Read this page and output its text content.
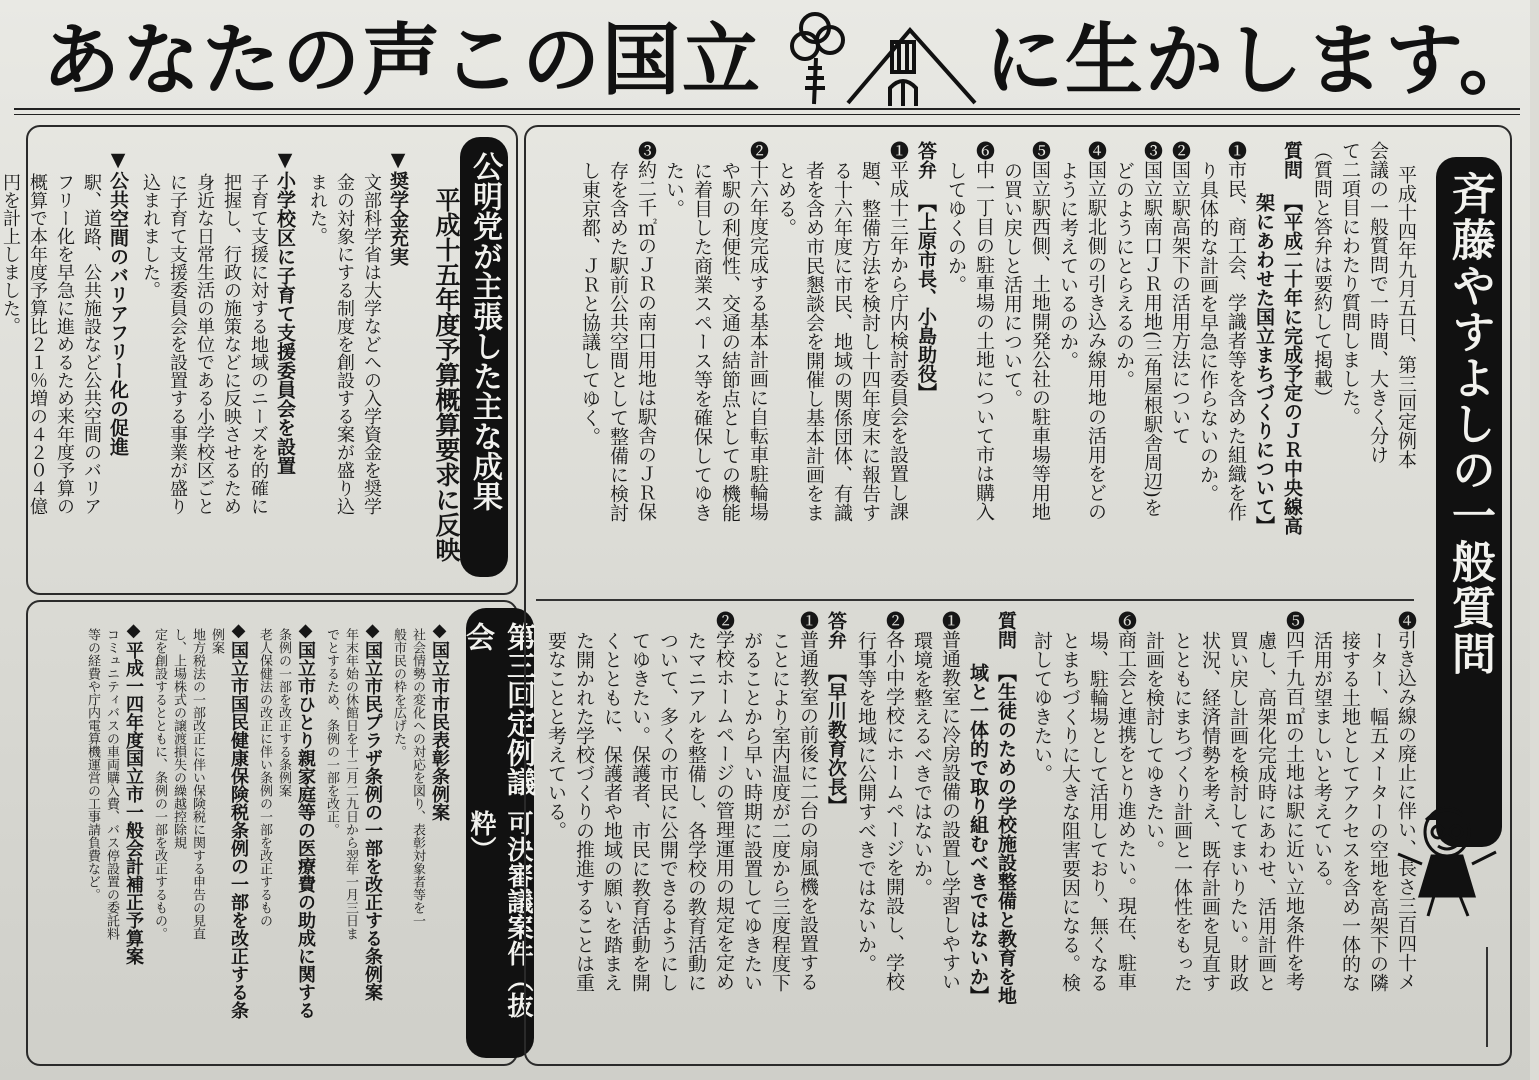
あなたの声この国立	に生かします。
公明党が主張した主な成果
平成十五年度予算概算要求に反映
▼奨学金充実
文部科学省は大学などへの入学資金を奨学
金の対象にする制度を創設する案が盛り込
まれた。
▼小学校区に子育て支援委員会を設置
子育て支援に対する地域のニーズを的確に
把握し、行政の施策などに反映させるため
身近な日常生活の単位である小学校区ごと
に子育て支援委員会を設置する事業が盛り
込まれました。
▼公共空間のバリアフリー化の促進
駅、道路、公共施設など公共空間のバリア
フリー化を早急に進めるため来年度予算の
概算で本年度予算比２１％増の４２０４億
円を計上しました。
第三回定例議会
可決審議案件（抜粋）
◆国立市市民表彰条例案
社会情勢の変化への対応を図り、表彰対象者等を一
般市民の枠を広げた。
◆国立市民プラザ条例の一部を改正する条例案
年末年始の休館日を十二月二九日から翌年一月三日ま
でとするため、条例の一部を改正。
◆国立市ひとり親家庭等の医療費の助成に関する
条例の一部を改正する条例案
老人保健法の改正に伴い条例の一部を改正するもの
◆国立市国民健康保険税条例の一部を改正する条
例案
地方税法の一部改正に伴い保険税に関する申告の見直
し、上場株式の譲渡損失の繰越控除規
定を創設するとともに、条例の一部を改正するもの。
◆平成一四年度国立市一般会計補正予算案
コミュニティバスの車両購入費、バス停設置の委託料
等の経費や庁内電算機運営の工事請負費など。
斉藤やすよしの一般質問
平成十四年九月五日、第三回定例本
会議の一般質問で一時間、大きく分け
て二項目にわたり質問しました。
（質問と答弁は要約して掲載）
質問
【平成二十年に完成予定のＪＲ中央線高
架にあわせた国立まちづくりについて】
❶市民、商工会、学識者等を含めた組織を作
り具体的な計画を早急に作らないのか。
❷国立駅高架下の活用方法について
❸国立駅南口ＪＲ用地(三角屋根駅舎周辺)を
どのようにとらえるのか。
❹国立駅北側の引き込み線用地の活用をどの
ように考えているのか。
❺国立駅西側、土地開発公社の駐車場等用地
の買い戻しと活用について。
❻中一丁目の駐車場の土地について市は購入
してゆくのか。
答弁
【上原市長、小島助役】
❶平成十三年から庁内検討委員会を設置し課
題、整備方法を検討し十四年度末に報告す
る十六年度に市民、地域の関係団体、有識
者を含め市民懇談会を開催し基本計画をま
とめる。
❷十六年度完成する基本計画に自転車駐輪場
や駅の利便性、交通の結節点としての機能
に着目した商業スペース等を確保してゆき
たい。
❸約二千㎡のＪＲの南口用地は駅舎のＪＲ保
存を含めた駅前公共空間として整備に検討
し東京都、ＪＲと協議してゆく。
❹引き込み線の廃止に伴い、長さ三百四十メ
ーター、幅五メーターの空地を高架下の隣
接する土地としてアクセスを含め一体的な
活用が望ましいと考えている。
❺四千九百㎡の土地は駅に近い立地条件を考
慮し、高架化完成時にあわせ、活用計画と
買い戻し計画を検討してまいりたい。財政
状況、経済情勢を考え、既存計画を見直す
とともにまちづくり計画と一体性をもった
計画を検討してゆきたい。
❻商工会と連携をとり進めたい。現在、駐車
場、駐輪場として活用しており、無くなる
とまちづくりに大きな阻害要因になる。検
討してゆきたい。
質問
【生徒のための学校施設整備と教育を地
域と一体的で取り組むべきではないか】
❶普通教室に冷房設備の設置し学習しやすい
環境を整えるべきではないか。
❷各小中学校にホームページを開設し、学校
行事等を地域に公開すべきではないか。
答弁
【早川教育次長】
❶普通教室の前後に二台の扇風機を設置する
ことにより室内温度が二度から三度程度下
がることから早い時期に設置してゆきたい
❷学校ホームページの管理運用の規定を定め
たマニアルを整備し、各学校の教育活動に
ついて、多くの市民に公開できるようにし
てゆきたい。保護者、市民に教育活動を開
くとともに、保護者や地域の願いを踏まえ
た開かれた学校づくりの推進することは重
要なことと考えている。
